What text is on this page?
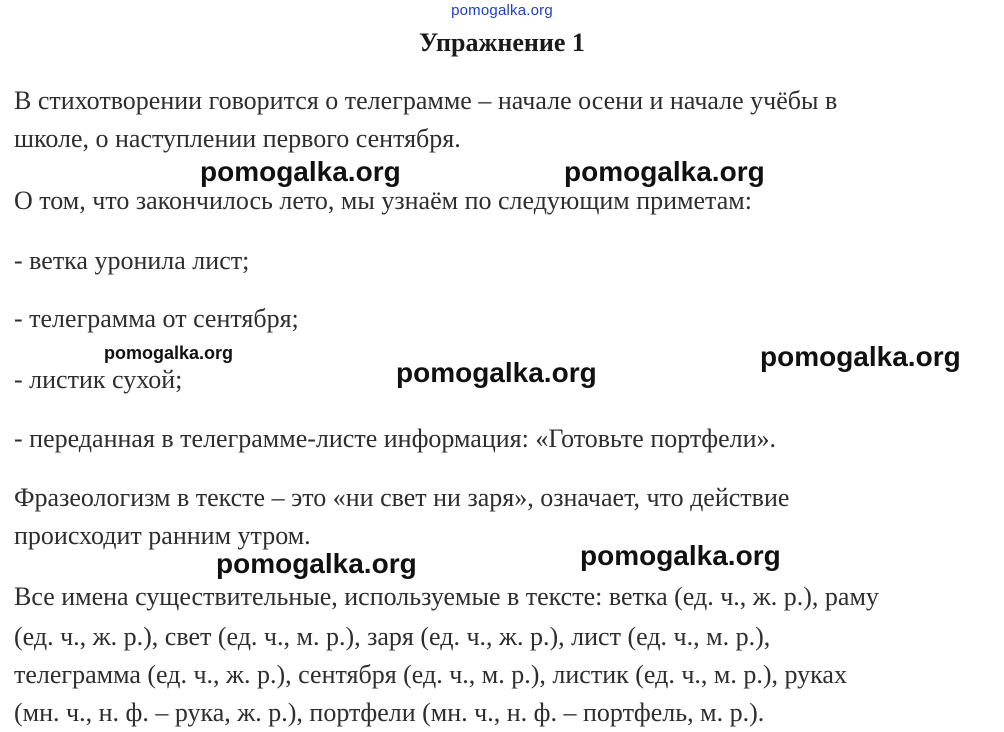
pomogalka.org
Упражнение 1
В стихотворении говорится о телеграмме – начале осени и начале учёбы в
школе, о наступлении первого сентября.
О том, что закончилось лето, мы узнаём по следующим приметам:
- ветка уронила лист;
- телеграмма от сентября;
- листик сухой;
- переданная в телеграмме-листе информация: «Готовьте портфели».
Фразеологизм в тексте – это «ни свет ни заря», означает, что действие
происходит ранним утром.
Все имена существительные, используемые в тексте: ветка (ед. ч., ж. р.), раму
(ед. ч., ж. р.), свет (ед. ч., м. р.), заря (ед. ч., ж. р.), лист (ед. ч., м. р.),
телеграмма (ед. ч., ж. р.), сентября (ед. ч., м. р.), листик (ед. ч., м. р.), руках
(мн. ч., н. ф. – рука, ж. р.), портфели (мн. ч., н. ф. – портфель, м. р.).
pomogalka.org	pomogalka.org
pomogalka.org
pomogalka.org
pomogalka.org
pomogalka.org	pomogalka.org
